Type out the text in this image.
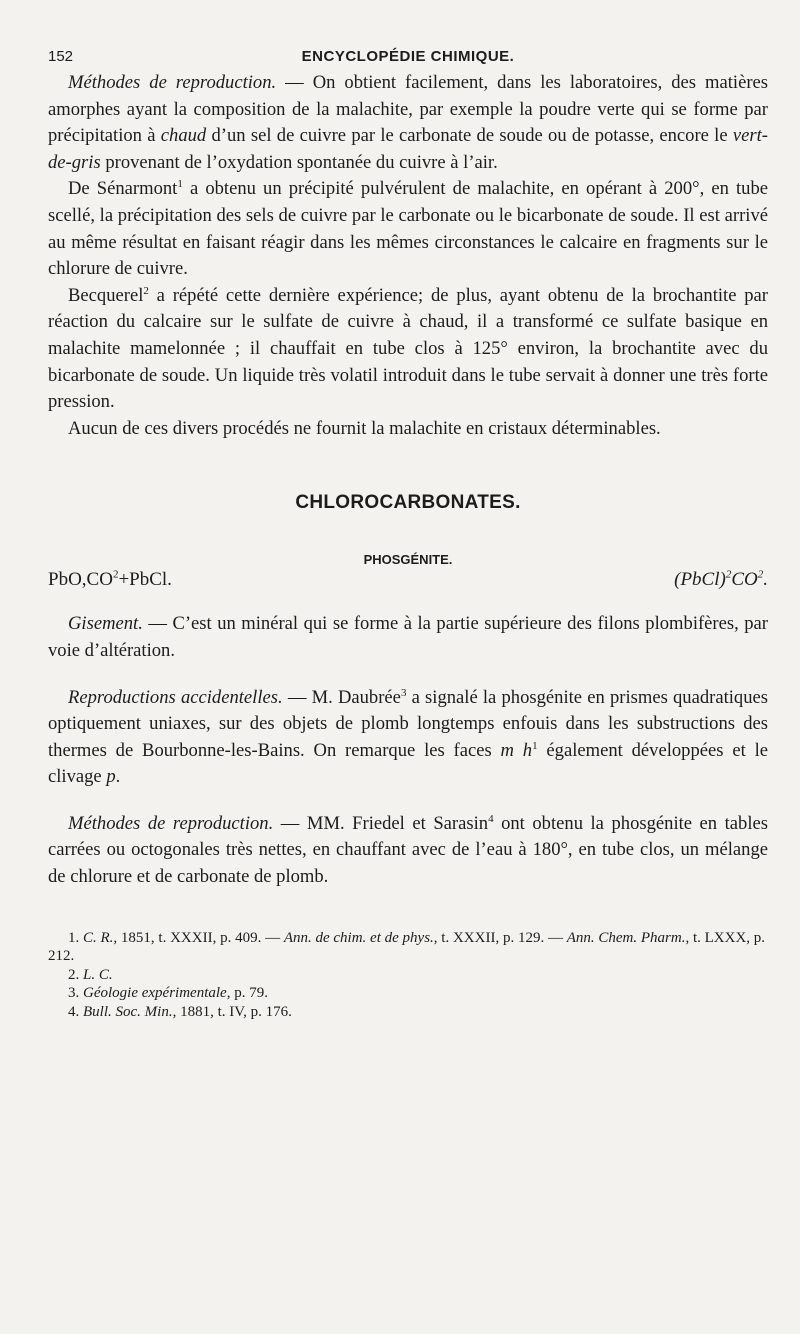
152	ENCYCLOPÉDIE CHIMIQUE.

Méthodes de reproduction. — On obtient facilement, dans les laboratoires, des matières amorphes ayant la composition de la malachite, par exemple la poudre verte qui se forme par précipitation à chaud d’un sel de cuivre par le carbonate de soude ou de potasse, encore le vert-de-gris provenant de l’oxydation spontanée du cuivre à l’air.

De Sénarmont$^1$ a obtenu un précipité pulvérulent de malachite, en opérant à 200°, en tube scellé, la précipitation des sels de cuivre par le carbonate ou le bicarbonate de soude. Il est arrivé au même résultat en faisant réagir dans les mêmes circonstances le calcaire en fragments sur le chlorure de cuivre.

Becquerel$^2$ a répété cette dernière expérience; de plus, ayant obtenu de la brochantite par réaction du calcaire sur le sulfate de cuivre à chaud, il a transformé ce sulfate basique en malachite mamelonnée ; il chauffait en tube clos à 125° environ, la brochantite avec du bicarbonate de soude. Un liquide très volatil introduit dans le tube servait à donner une très forte pression.

Aucun de ces divers procédés ne fournit la malachite en cristaux déterminables.

CHLOROCARBONATES.
PHOSGÉNITE.
$PbO,CO^2+PbCl$.	$(PbCl)^2CO^2$.

Gisement. — C’est un minéral qui se forme à la partie supérieure des filons plombifères, par voie d’altération.

Reproductions accidentelles. — M. Daubrée$^3$ a signalé la phosgénite en prismes quadratiques optiquement uniaxes, sur des objets de plomb longtemps enfouis dans les substructions des thermes de Bourbonne-les-Bains. On remarque les faces m $h^1$ également développées et le clivage p.

Méthodes de reproduction. — MM. Friedel et Sarasin$^4$ ont obtenu la phosgénite en tables carrées ou octogonales très nettes, en chauffant avec de l’eau à 180°, en tube clos, un mélange de chlorure et de carbonate de plomb.

1. C. R., 1851, t. XXXII, p. 409. — Ann. de chim. et de phys., t. XXXII, p. 129. — Ann. Chem. Pharm., t. LXXX, p. 212.
2. L. C.
3. Géologie expérimentale, p. 79.
4. Bull. Soc. Min., 1881, t. IV, p. 176.
